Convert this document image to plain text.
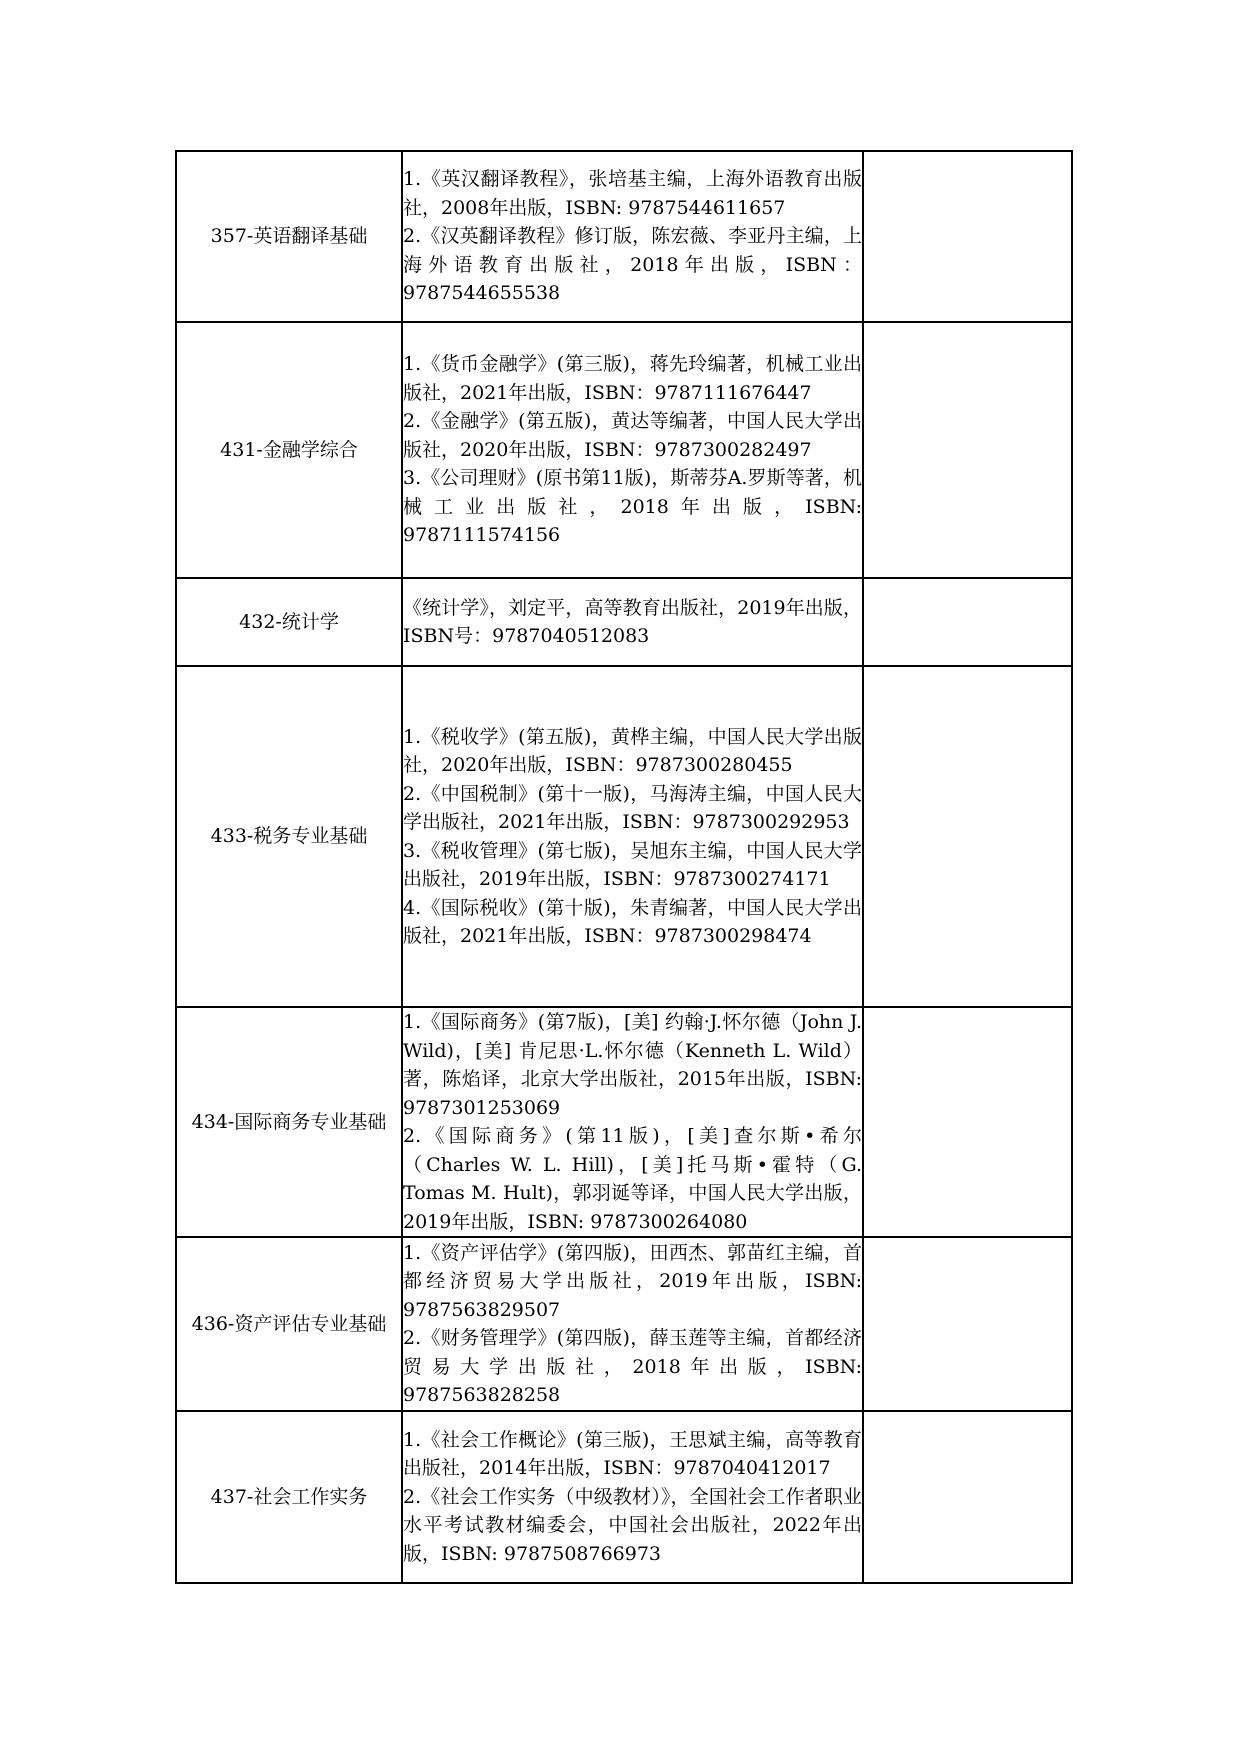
357-英语翻译基础	1.《英汉翻译教程》，张培基主编，上海外语教育出版社，2008年出版，ISBN: 9787544611657
2.《汉英翻译教程》修订版，陈宏薇、李亚丹主编，上海外语教育出版社，2018年出版，ISBN：9787544655538	

431-金融学综合	1.《货币金融学》(第三版)，蒋先玲编著，机械工业出版社，2021年出版，ISBN：9787111676447
2.《金融学》(第五版)，黄达等编著，中国人民大学出版社，2020年出版，ISBN：9787300282497
3.《公司理财》(原书第11版)，斯蒂芬A.罗斯等著，机械工业出版社，2018年出版，ISBN: 9787111574156	

432-统计学	《统计学》，刘定平，高等教育出版社，2019年出版，ISBN号：9787040512083	

433-税务专业基础	1.《税收学》(第五版)，黄桦主编，中国人民大学出版社，2020年出版，ISBN：9787300280455
2.《中国税制》(第十一版)，马海涛主编，中国人民大学出版社，2021年出版，ISBN：9787300292953
3.《税收管理》(第七版)，吴旭东主编，中国人民大学出版社，2019年出版，ISBN：9787300274171
4.《国际税收》(第十版)，朱青编著，中国人民大学出版社，2021年出版，ISBN：9787300298474	

434-国际商务专业基础	1.《国际商务》(第7版)，[美] 约翰·J.怀尔德（John J. Wild)，[美] 肯尼思·L.怀尔德（Kenneth L. Wild） 著，陈焰译，北京大学出版社，2015年出版，ISBN: 9787301253069
2.《国际商务》(第11版)，[美]查尔斯•希尔（Charles W. L. Hill)，[美]托马斯•霍特（G. Tomas M. Hult)，郭羽诞等译，中国人民大学出版，2019年出版，ISBN: 9787300264080	

436-资产评估专业基础	1.《资产评估学》(第四版)，田西杰、郭苗红主编，首都经济贸易大学出版社，2019年出版，ISBN: 9787563829507
2.《财务管理学》(第四版)，薛玉莲等主编，首都经济贸易大学出版社，2018年出版，ISBN: 9787563828258	

437-社会工作实务	1.《社会工作概论》(第三版)，王思斌主编，高等教育出版社，2014年出版，ISBN：9787040412017
2.《社会工作实务（中级教材）》，全国社会工作者职业水平考试教材编委会，中国社会出版社，2022年出版，ISBN: 9787508766973	
